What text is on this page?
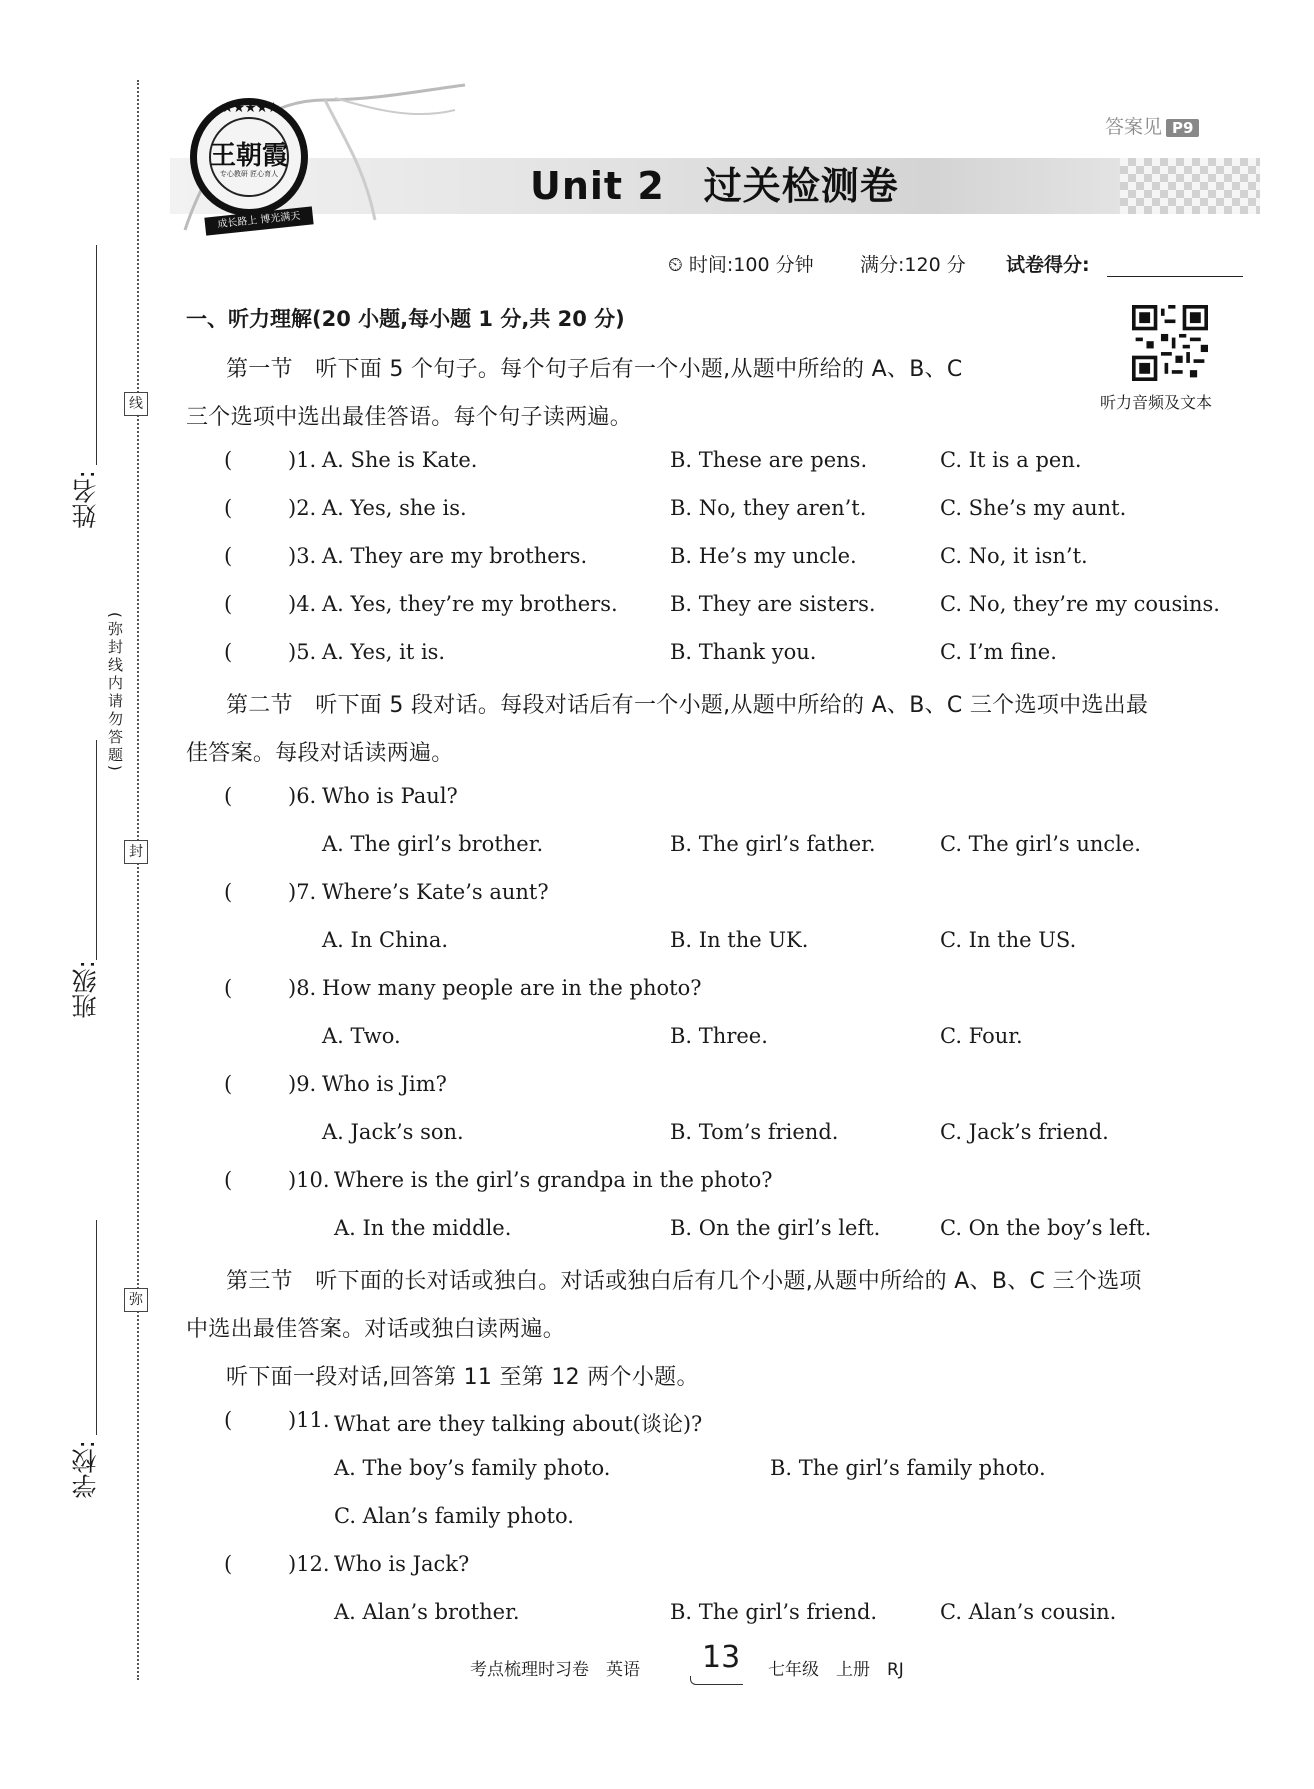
线
封
弥
(弥封线内请勿答题)
姓名:
班级:
学校:
王朝霞
专心教研 匠心育人
★★★★★
成长路上 博光满天
Unit 2　过关检测卷
答案见 P9
⏲ 时间:100 分钟 满分:120 分 试卷得分:
听力音频及文本
一、听力理解(20 小题,每小题 1 分,共 20 分)
第一节　听下面 5 个句子。每个句子后有一个小题,从题中所给的 A、B、C
三个选项中选出最佳答语。每个句子读两遍。
(	)1. A. She is Kate.	B. These are pens.	C. It is a pen.
(	)2. A. Yes, she is.	B. No, they aren’t.	C. She’s my aunt.
(	)3. A. They are my brothers.	B. He’s my uncle.	C. No, it isn’t.
(	)4. A. Yes, they’re my brothers. B. They are sisters.	C. No, they’re my cousins.
(	)5. A. Yes, it is.	B. Thank you.	C. I’m fine.
第二节　听下面 5 段对话。每段对话后有一个小题,从题中所给的 A、B、C 三个选项中选出最
佳答案。每段对话读两遍。
(	)6. Who is Paul?
A. The girl’s brother.	B. The girl’s father.	C. The girl’s uncle.
(	)7. Where’s Kate’s aunt?
A. In China.	B. In the UK.	C. In the US.
(	)8. How many people are in the photo?
A. Two.	B. Three.	C. Four.
(	)9. Who is Jim?
A. Jack’s son.	B. Tom’s friend.	C. Jack’s friend.
(	)10. Where is the girl’s grandpa in the photo?
A. In the middle.	B. On the girl’s left.	C. On the boy’s left.
第三节　听下面的长对话或独白。对话或独白后有几个小题,从题中所给的 A、B、C 三个选项
中选出最佳答案。对话或独白读两遍。
听下面一段对话,回答第 11 至第 12 两个小题。
(	)11. What are they talking about(谈论)?
A. The boy’s family photo.	B. The girl’s family photo.
C. Alan’s family photo.
(	)12. Who is Jack?
A. Alan’s brother.	B. The girl’s friend.	C. Alan’s cousin.
考点梳理时习卷　英语 13 七年级　上册　RJ
